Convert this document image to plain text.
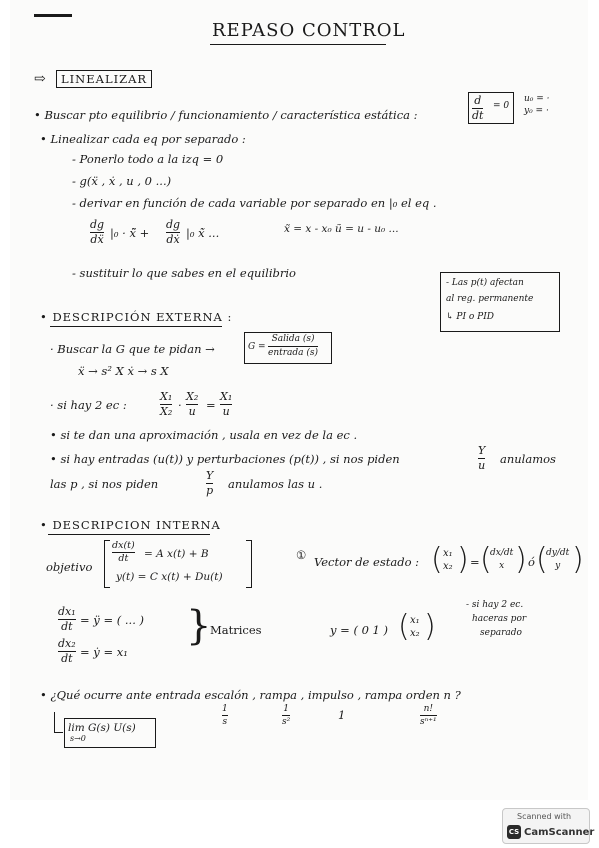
REPASO CONTROL
⇨	LINEALIZAR
• Buscar pto equilibrio / funcionamiento / característica estática :
d
dt
= 0
u₀ = ·
y₀ = ·
• Linealizar cada eq por separado :
- Ponerlo todo a la izq = 0
- g(ẍ , ẋ , u , 0 ...)
- derivar en función de cada variable por separado en |₀ el eq .
dg
dẍ |₀ · x̃̈ +
dg
dẋ |₀ x̃̇ ...	x̃ = x - x₀ ũ = u - u₀ ...
- sustituir lo que sabes en el equilibrio
- Las p(t) afectan
al reg. permanente
↳ PI o PID
• DESCRIPCIÓN EXTERNA :
· Buscar la G que te pidan →	G =
Salida (s)
entrada (s)
ẍ → s² X ẋ → s X
· si hay 2 ec :
X₁
X₂ ·
X₂
u =
X₁
u
• si te dan una aproximación , usala en vez de la ec .
• si hay entradas (u(t)) y perturbaciones (p(t)) , si nos piden
Y
u anulamos
las p , si nos piden
Y
p anulamos las u .
• DESCRIPCION INTERNA
objetivo
dx(t)
dt = A x(t) + B
y(t) = C x(t) + Du(t)
① Vector de estado : ( x₁
x₂ ) = (
dx/dt
x ) ó (
dy/dt
y )
dx₁
dt = ÿ = ( ... )
dx₂
dt = ẏ = x₁
}
Matrices	y = ( 0 1 ) ( x₁
x₂ )
- si hay 2 ec.
haceras por
separado
• ¿Qué ocurre ante entrada escalón , rampa , impulso , rampa orden n ?
1
s
1
s²	1	n!
sⁿ⁺¹
lim G(s) U(s)
s→0
Scanned with
CS CamScanner
